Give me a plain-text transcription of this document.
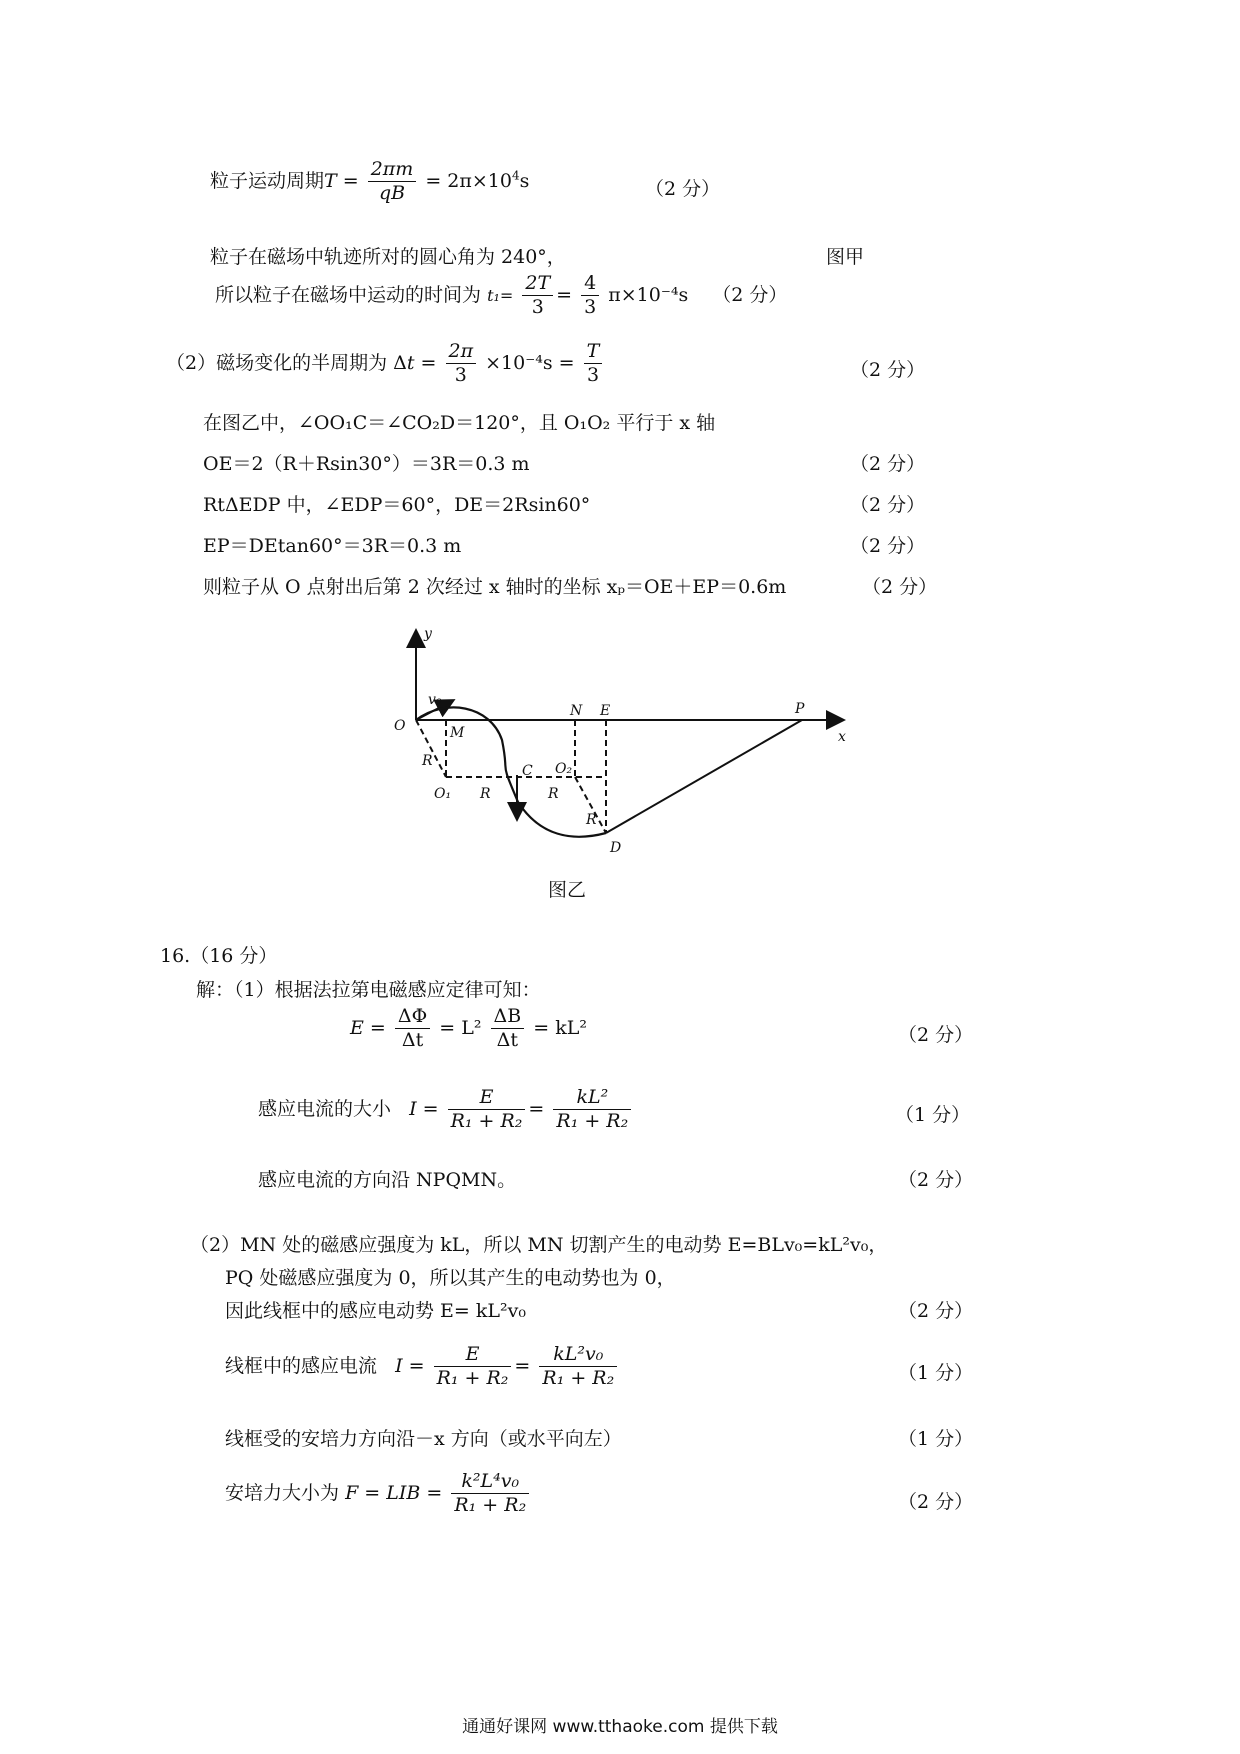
粒子运动周期$T = \frac{2\pi m}{qB} = 2\pi\times 10^4s$	（2 分）
粒子在磁场中轨迹所对的圆心角为 240°，	图甲
所以粒子在磁场中运动的时间为 $t_1= \frac{2T}{3} = \frac{4}{3} \pi\times 10^{-4}s$ （2 分）
（2）磁场变化的半周期为 $\Delta t = \frac{2\pi}{3} \times 10^{-4}s = \frac{T}{3}$	（2 分）
在图乙中，∠OO₁C＝∠CO₂D＝120°，且 O₁O₂ 平行于 x 轴
OE＝2（R＋Rsin30°）＝3R＝0.3 m	（2 分）
RtΔEDP 中，∠EDP＝60°，DE＝2Rsin60°	（2 分）
EP＝DEtan60°＝3R＝0.3 m	（2 分）
则粒子从 O 点射出后第 2 次经过 x 轴时的坐标 xₚ＝OE＋EP＝0.6m	（2 分）
y
x
O
v₀
M
N E	P
C O₂
O₁
R
R	R
R
D
图乙
16.（16 分）
解：（1）根据法拉第电磁感应定律可知：
$E = \frac{\Delta\Phi}{\Delta t} = L^2 \frac{\Delta B}{\Delta t} = kL^2$	（2 分）
感应电流的大小 $I = \frac{E}{\text{R₁ + R₂}} = \frac{\text{kL²}}{\text{R₁ + R₂}}$	（1 分）
感应电流的方向沿 NPQMN。	（2 分）
（2）MN 处的磁感应强度为 kL，所以 MN 切割产生的电动势 E=BLv₀=kL²v₀，
PQ 处磁感应强度为 0，所以其产生的电动势也为 0，
因此线框中的感应电动势 E= kL²v₀	（2 分）
线框中的感应电流 $I = \frac{E}{\text{R₁ + R₂}} = \frac{\text{kL²v₀}}{\text{R₁ + R₂}}$	（1 分）
线框受的安培力方向沿－x 方向（或水平向左）	（1 分）
安培力大小为 F = LIB = $\frac{\text{k²L⁴v₀}}{\text{R₁ + R₂}}$	（2 分）
通通好课网 www.tthaoke.com 提供下载
